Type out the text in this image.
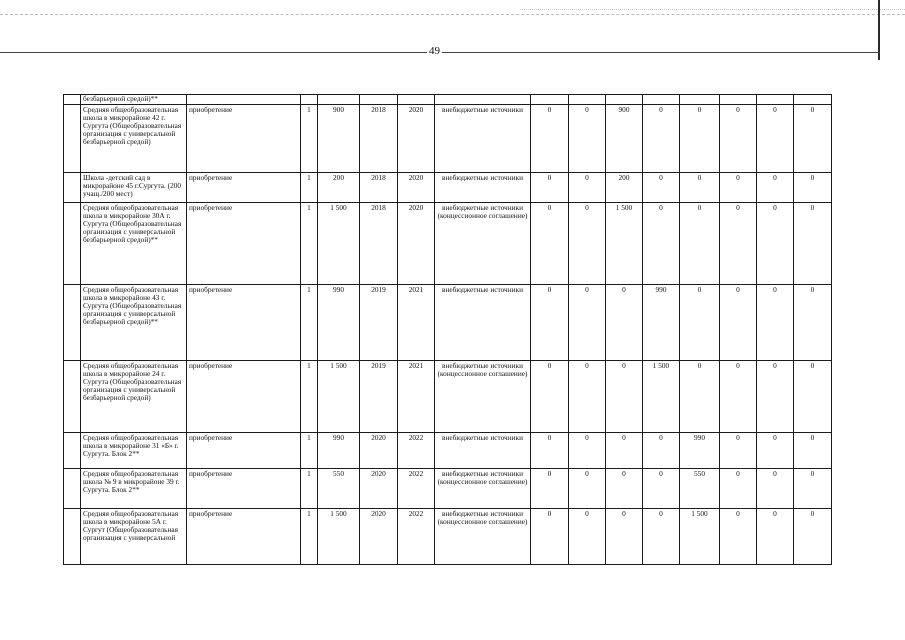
49
	безбарьерной средой)**														
	Средняя общеобразовательная школа в микрорайоне 42 г. Сургута (Общеобразовательная организация с универсальной безбарьерной средой)	приобретение	1	900	2018	2020	внебюджетные источники	0	0	900	0	0	0	0	0
	Школа -детский сад в микрорайоне 45 г.Сургута. (200 учащ./200 мест)	приобретение	1	200	2018	2020	внебюджетные источники	0	0	200	0	0	0	0	0
	Средняя общеобразовательная школа в микрорайоне 30А г. Сургута (Общеобразовательная организация с универсальной безбарьерной средой)**	приобретение	1	1 500	2018	2020	внебюджетные источники (концессионное соглашение)	0	0	1 500	0	0	0	0	0
	Средняя общеобразовательная школа в микрорайоне 43 г. Сургута (Общеобразовательная организация с универсальной безбарьерной средой)**	приобретение	1	990	2019	2021	внебюджетные источники	0	0	0	990	0	0	0	0
	Средняя общеобразовательная школа в микрорайоне 24 г. Сургута (Общеобразовательная организация с универсальной безбарьерной средой)	приобретение	1	1 500	2019	2021	внебюджетные источники (концессионное соглашение)	0	0	0	1 500	0	0	0	0
	Средняя общеобразовательная школа в микрорайоне 31 «Б» г. Сургута. Блок 2**	приобретение	1	990	2020	2022	внебюджетные источники	0	0	0	0	990	0	0	0
	Средняя общеобразовательная школа № 9 в микрорайоне 39 г. Сургута. Блок 2**	приобретение	1	550	2020	2022	внебюджетные источники (концессионное соглашение)	0	0	0	0	550	0	0	0
	Средняя общеобразовательная школа в микрорайоне 5А г. Сургут (Общеобразовательная организация с универсальной	приобретение	1	1 500	2020	2022	внебюджетные источники (концессионное соглашение)	0	0	0	0	1 500	0	0	0
